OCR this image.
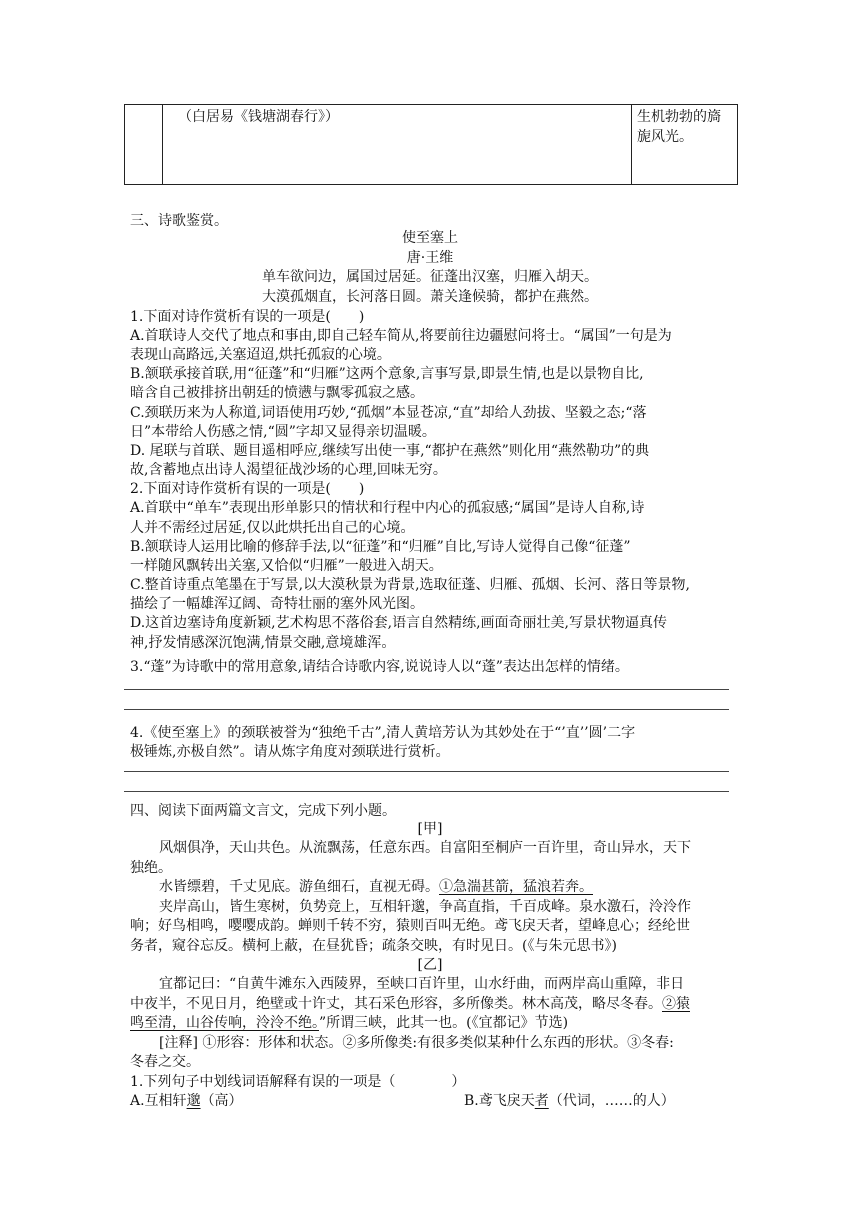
（白居易《钱塘湖春行》）	生机勃勃的旖
旎风光。
三、诗歌鉴赏。
使至塞上
唐·王维
单车欲问边，属国过居延。征蓬出汉塞，归雁入胡天。
大漠孤烟直，长河落日圆。萧关逢候骑，都护在燕然。
1.下面对诗作赏析有误的一项是(　　)
A.首联诗人交代了地点和事由,即自己轻车简从,将要前往边疆慰问将士。“属国”一句是为
表现山高路远,关塞迢迢,烘托孤寂的心境。
B.颔联承接首联,用“征蓬”和“归雁”这两个意象,言事写景,即景生情,也是以景物自比,
暗含自己被排挤出朝廷的愤懑与飘零孤寂之感。
C.颈联历来为人称道,词语使用巧妙,“孤烟”本显苍凉,“直”却给人劲拔、坚毅之态;“落
日”本带给人伤感之情,“圆”字却又显得亲切温暖。
D. 尾联与首联、题目遥相呼应,继续写出使一事,“都护在燕然”则化用“燕然勒功”的典
故,含蓄地点出诗人渴望征战沙场的心理,回味无穷。
2.下面对诗作赏析有误的一项是(　　)
A.首联中“单车”表现出形单影只的情状和行程中内心的孤寂感;“属国”是诗人自称,诗
人并不需经过居延,仅以此烘托出自己的心境。
B.颔联诗人运用比喻的修辞手法,以“征蓬”和“归雁”自比,写诗人觉得自己像“征蓬”
一样随风飘转出关塞,又恰似“归雁”一般进入胡天。
C.整首诗重点笔墨在于写景,以大漠秋景为背景,选取征蓬、归雁、孤烟、长河、落日等景物,
描绘了一幅雄浑辽阔、奇特壮丽的塞外风光图。
D.这首边塞诗角度新颖,艺术构思不落俗套,语言自然精练,画面奇丽壮美,写景状物逼真传
神,抒发情感深沉饱满,情景交融,意境雄浑。
3.“蓬”为诗歌中的常用意象,请结合诗歌内容,说说诗人以“蓬”表达出怎样的情绪。
4.《使至塞上》的颈联被誉为“独绝千古”,清人黄培芳认为其妙处在于“’直’’圆’二字
极锤炼,亦极自然”。请从炼字角度对颈联进行赏析。
四、阅读下面两篇文言文，完成下列小题。
[甲]
风烟俱净，天山共色。从流飘荡，任意东西。自富阳至桐庐一百许里，奇山异水，天下
独绝。
水皆缥碧，千丈见底。游鱼细石，直视无碍。①急湍甚箭，猛浪若奔。
夹岸高山，皆生寒树，负势竞上，互相轩邈，争高直指，千百成峰。泉水激石，泠泠作
响；好鸟相鸣，嘤嘤成韵。蝉则千转不穷，猿则百叫无绝。鸢飞戾天者，望峰息心；经纶世
务者，窥谷忘反。横柯上蔽，在昼犹昏；疏条交映，有时见日。(《与朱元思书》)
[乙]
宜都记曰：“自黄牛滩东入西陵界，至峡口百许里，山水纡曲，而两岸高山重障，非日
中夜半，不见日月，绝壁或十许丈，其石采色形容，多所像类。林木高茂，略尽冬春。②猿
鸣至清，山谷传响，泠泠不绝。”所谓三峡，此其一也。(《宜都记》节选)
[注释] ①形容：形体和状态。②多所像类:有很多类似某种什么东西的形状。③冬春:
冬春之交。
1.下列句子中划线词语解释有误的一项是（　　　　）
A.互相轩邈（高）	B.鸢飞戾天者（代词，……的人）
